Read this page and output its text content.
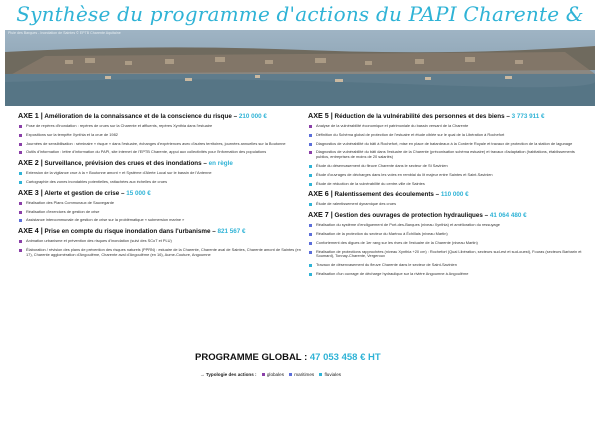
Synthèse du programme d'actions du PAPI Charente &
Pluie des Barques - Inondation de Saintes © EPTB Charente Aquitaine
AXE 1 | Amélioration de la connaissance et de la conscience du risque – 210 000 €
Pose de repères d'inondation : repères de crues sur la Charente et affluents, repères Xynthia dans l'estuaire
Expositions sur la tempête Xynthia et la crue de 1982
Journées de sensibilisation : séminaire « risque » dans l'estuaire, échanges d'expériences avec d'autres territoires, journées annuelles sur la Boutonne
Outils d'information : lettre d'information du PAPI, site internet de l'EPTB Charente, appui aux collectivités pour l'information des populations
AXE 2 | Surveillance, prévision des crues et des inondations – en règle
Extension de la vigilance crue à la « Boutonne amont » et Système d'Alerte Local sur le bassin de l'Antenne
Cartographie des zones inondables potentielles, rattachées aux échelles de crues
AXE 3 | Alerte et gestion de crise – 15 000 €
Réalisation des Plans Communaux de Sauvegarde
Réalisation d'exercices de gestion de crise
Assistance intercommunale de gestion de crise sur la problématique « submersion marine »
AXE 4 | Prise en compte du risque inondation dans l'urbanisme – 821 567 €
Animation urbanisme et prévention des risques d'inondation (suivi des SCoT et PLU)
Élaboration / révision des plans de prévention des risques naturels (PPRN) : estuaire de la Charente, Charente aval de Saintes, Charente amont de Saintes (en 17), Charente agglomération d'Angoulême, Charente aval d'Angoulême (en 16), Aume-Couture, Angoumne
AXE 5 | Réduction de la vulnérabilité des personnes et des biens – 3 773 911 €
Analyse de la vulnérabilité économique et patrimoniale du bassin versant de la Charente
Définition du Schéma global de protection de l'estuaire et étude ciblée sur le quai de la Libération à Rochefort
Diagnostics de vulnérabilité du bâti à Rochefort, mise en place de batardeaux à la Corderie Royale et travaux de protection de la station de lagunage
Diagnostics de vulnérabilité du bâti dans l'estuaire de la Charente (préconisation schéma estuaire) et travaux d'adaptation (habitations, établissements publics, entreprises de moins de 20 salariés)
Étude du désenvasement du fleuve Charente dans le secteur de St Savinien
Étude d'ouvrages de décharges dans les voies en remblai du lit majeur entre Saintes et Saint-Savinien
Étude de réduction de la vulnérabilité du centre-ville de Saintes
AXE 6 | Ralentissement des écoulements – 110 000 €
Étude de ralentissement dynamique des crues
AXE 7 | Gestion des ouvrages de protection hydrauliques – 41 064 480 €
Réalisation du système d'endiguement de Port-des-Barques (niveau Xynthia) et amélioration du ressuyage
Réalisation de la protection du secteur du Martrou à Échillais (niveau Martin)
Confortement des digues de 1er rang sur les rives de l'estuaire de la Charente (niveau Martin)
Réalisation de protections rapprochées (niveau Xynthia +20 cm) : Rochefort (Quai Libération, secteurs sud-est et sud-ouest), Fouras (secteurs Barbarin et Soumard), Tonnay-Charente, Vergeroux
Travaux de désenvasement du fleuve Charente dans le secteur de Saint-Savinien
Réalisation d'un ouvrage de décharge hydraulique sur la rivière Angoumne à Angoulême
PROGRAMME GLOBAL : 47 053 458 € HT
→ Typologie des actions : globales maritimes fluviales
